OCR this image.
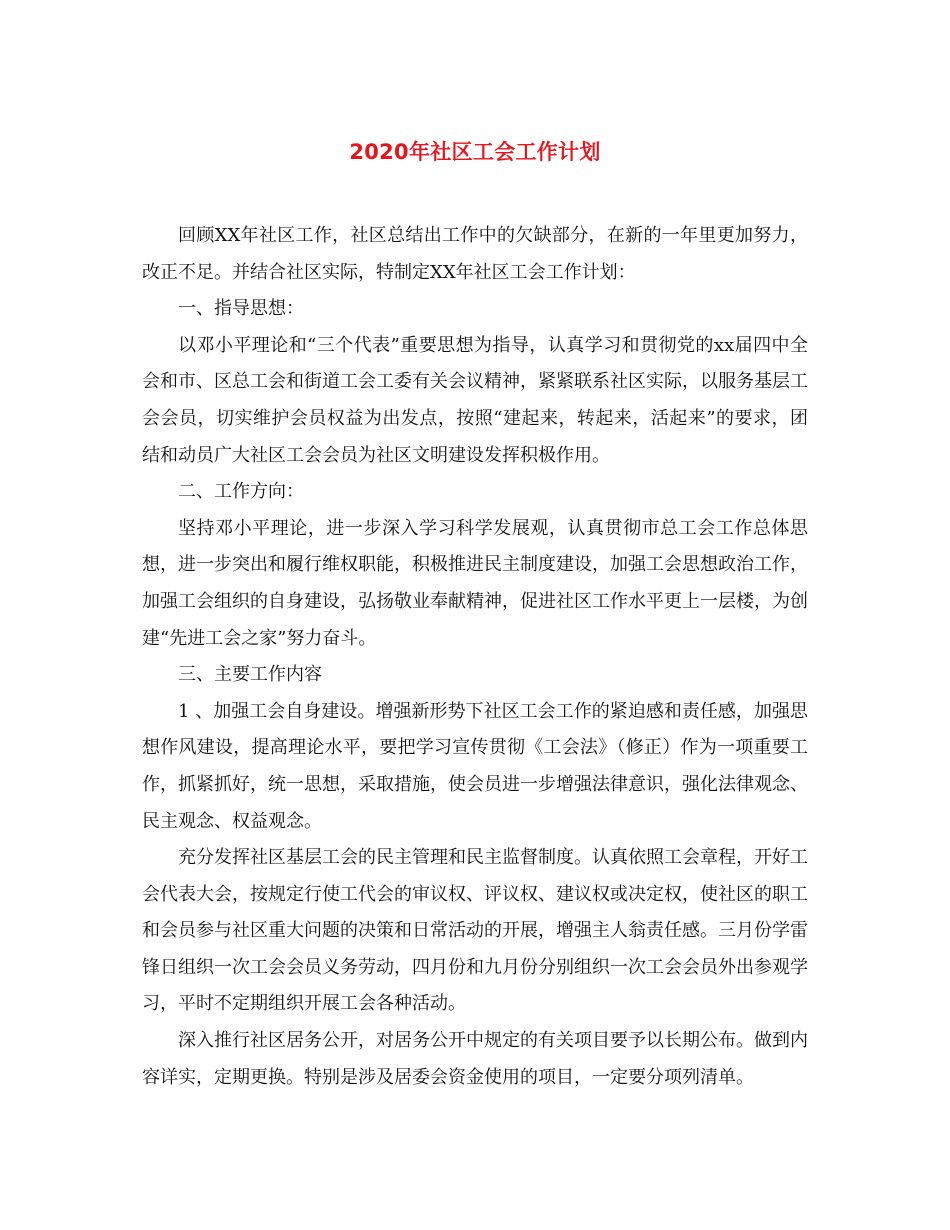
2020年社区工会工作计划

回顾XX年社区工作，社区总结出工作中的欠缺部分，在新的一年里更加努力，改正不足。并结合社区实际，特制定XX年社区工会工作计划：

一、指导思想：

以邓小平理论和“三个代表”重要思想为指导，认真学习和贯彻党的xx届四中全会和市、区总工会和街道工会工委有关会议精神，紧紧联系社区实际，以服务基层工会会员，切实维护会员权益为出发点，按照“建起来，转起来，活起来”的要求，团结和动员广大社区工会会员为社区文明建设发挥积极作用。

二、工作方向：

坚持邓小平理论，进一步深入学习科学发展观，认真贯彻市总工会工作总体思想，进一步突出和履行维权职能，积极推进民主制度建设，加强工会思想政治工作，加强工会组织的自身建设，弘扬敬业奉献精神，促进社区工作水平更上一层楼，为创建“先进工会之家”努力奋斗。

三、主要工作内容

1 、加强工会自身建设。增强新形势下社区工会工作的紧迫感和责任感，加强思想作风建设，提高理论水平，要把学习宣传贯彻《工会法》（修正）作为一项重要工作，抓紧抓好，统一思想，采取措施，使会员进一步增强法律意识，强化法律观念、民主观念、权益观念。

充分发挥社区基层工会的民主管理和民主监督制度。认真依照工会章程，开好工会代表大会，按规定行使工代会的审议权、评议权、建议权或决定权，使社区的职工和会员参与社区重大问题的决策和日常活动的开展，增强主人翁责任感。三月份学雷锋日组织一次工会会员义务劳动，四月份和九月份分别组织一次工会会员外出参观学习，平时不定期组织开展工会各种活动。

深入推行社区居务公开，对居务公开中规定的有关项目要予以长期公布。做到内容详实，定期更换。特别是涉及居委会资金使用的项目，一定要分项列清单。
